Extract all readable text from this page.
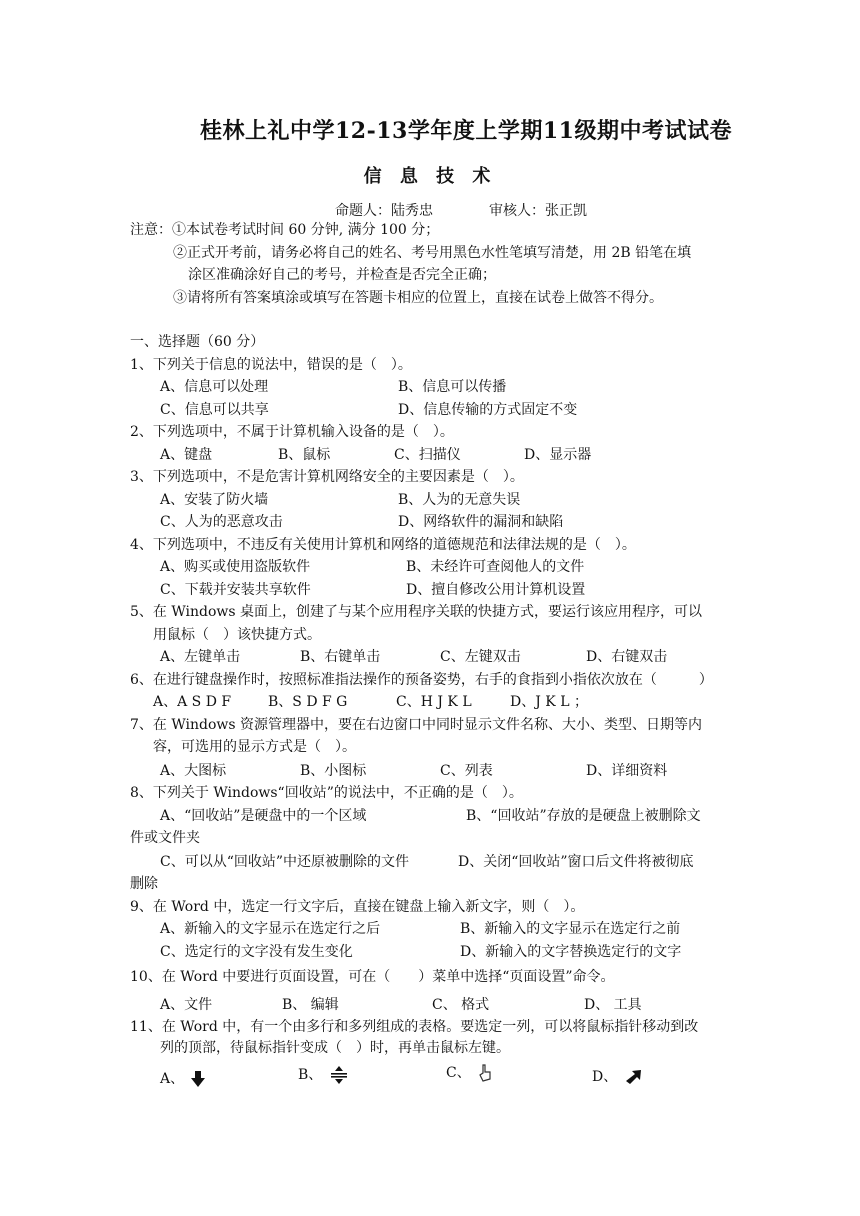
桂林上礼中学12-13学年度上学期11级期中考试试卷
信 息 技 术
命题人：陆秀忠	审核人：张正凯
注意：①本试卷考试时间 60 分钟, 满分 100 分；
②正式开考前，请务必将自己的姓名、考号用黑色水性笔填写清楚，用 2B 铅笔在填
涂区准确涂好自己的考号，并检查是否完全正确；
③请将所有答案填涂或填写在答题卡相应的位置上，直接在试卷上做答不得分。
一、选择题（60 分）
1、下列关于信息的说法中，错误的是（　）。
A、信息可以处理	B、信息可以传播
C、信息可以共享	D、信息传输的方式固定不变
2、下列选项中，不属于计算机输入设备的是（　）。
A、键盘	B、鼠标	C、扫描仪	D、显示器
3、下列选项中，不是危害计算机网络安全的主要因素是（　）。
A、安装了防火墙	B、人为的无意失误
C、人为的恶意攻击	D、网络软件的漏洞和缺陷
4、下列选项中，不违反有关使用计算机和网络的道德规范和法律法规的是（　）。
A、购买或使用盗版软件	B、未经许可查阅他人的文件
C、下载并安装共享软件	D、擅自修改公用计算机设置
5、在 Windows 桌面上，创建了与某个应用程序关联的快捷方式，要运行该应用程序，可以
用鼠标（　）该快捷方式。
A、左键单击	B、右键单击	C、左键双击	D、右键双击
6、在进行键盘操作时，按照标准指法操作的预备姿势，右手的食指到小指依次放在（　　　）
A、A S D F	B、S D F G	C、H J K L	D、J K L ；
7、在 Windows 资源管理器中，要在右边窗口中同时显示文件名称、大小、类型、日期等内
容，可选用的显示方式是（　）。
A、大图标	B、小图标	C、列表	D、详细资料
8、下列关于 Windows“回收站”的说法中，不正确的是（　）。
A、“回收站”是硬盘中的一个区域	B、“回收站”存放的是硬盘上被删除文
件或文件夹
C、可以从“回收站”中还原被删除的文件	D、关闭“回收站”窗口后文件将被彻底
删除
9、在 Word 中，选定一行文字后，直接在键盘上输入新文字，则（　）。
A、新输入的文字显示在选定行之后	B、新输入的文字显示在选定行之前
C、选定行的文字没有发生变化	D、新输入的文字替换选定行的文字
10、在 Word 中要进行页面设置，可在（　　）菜单中选择“页面设置”命令。
A、文件	B、 编辑	C、 格式	D、 工具
11、在 Word 中，有一个由多行和多列组成的表格。要选定一列，可以将鼠标指针移动到改
列的顶部，待鼠标指针变成（　）时，再单击鼠标左键。
A、	B、	C、	D、
